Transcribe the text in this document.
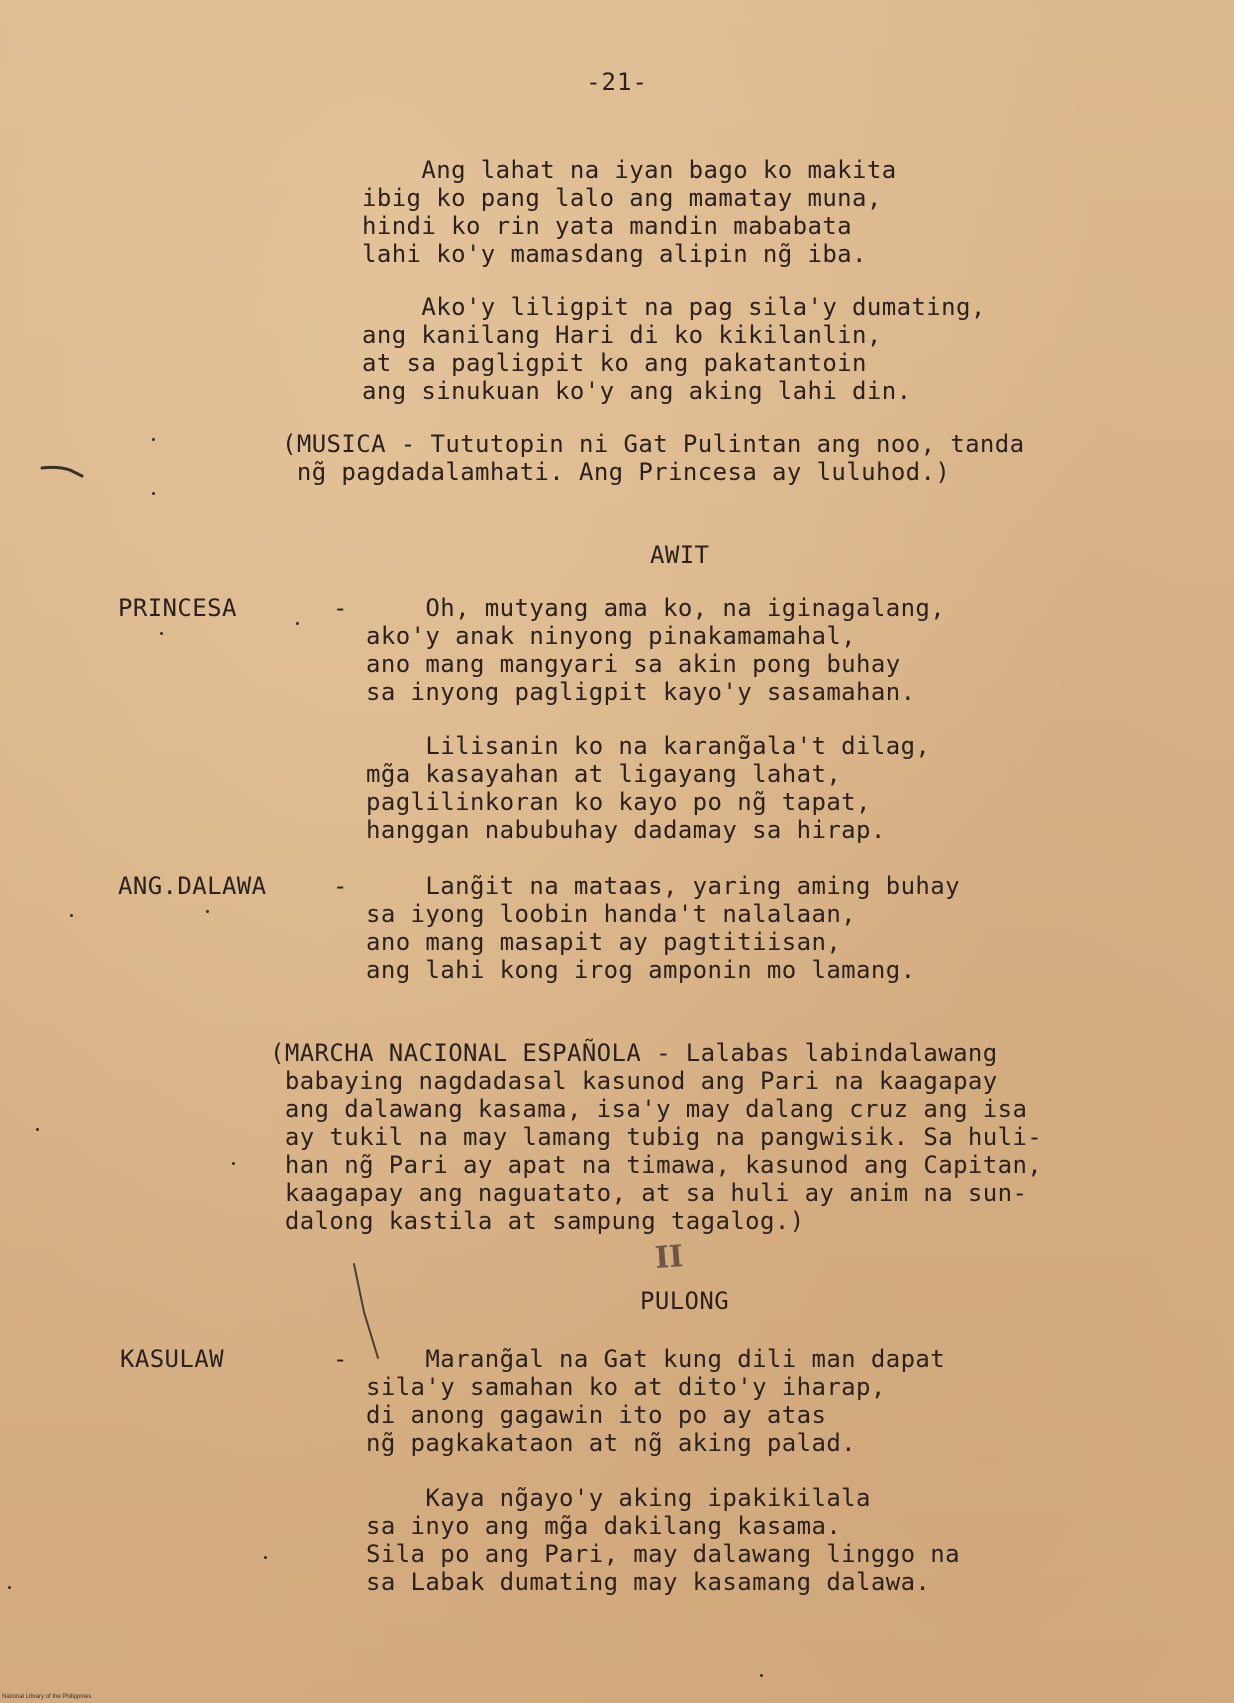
-21-
Ang lahat na iyan bago ko makita
ibig ko pang lalo ang mamatay muna,
hindi ko rin yata mandin mababata
lahi ko'y mamasdang alipin ng̃ iba.
Ako'y liligpit na pag sila'y dumating,
ang kanilang Hari di ko kikilanlin,
at sa pagligpit ko ang pakatantoin
ang sinukuan ko'y ang aking lahi din.
(MUSICA - Tututopin ni Gat Pulintan ang noo, tanda
ng̃ pagdadalamhati. Ang Princesa ay luluhod.)
AWIT
PRINCESA	- Oh, mutyang ama ko, na iginagalang,
ako'y anak ninyong pinakamamahal,
ano mang mangyari sa akin pong buhay
sa inyong pagligpit kayo'y sasamahan.
Lilisanin ko na karang̃ala't dilag,
mg̃a kasayahan at ligayang lahat,
paglilinkoran ko kayo po ng̃ tapat,
hanggan nabubuhay dadamay sa hirap.
ANG.DALAWA	- Lang̃it na mataas, yaring aming buhay
sa iyong loobin handa't nalalaan,
ano mang masapit ay pagtitiisan,
ang lahi kong irog amponin mo lamang.
(MARCHA NACIONAL ESPAÑOLA - Lalabas labindalawang
babaying nagdadasal kasunod ang Pari na kaagapay
ang dalawang kasama, isa'y may dalang cruz ang isa
ay tukil na may lamang tubig na pangwisik. Sa huli-
han ng̃ Pari ay apat na timawa, kasunod ang Capitan,
kaagapay ang naguatato, at sa huli ay anim na sun-
dalong kastila at sampung tagalog.)
II
PULONG
KASULAW	- Marang̃al na Gat kung dili man dapat
sila'y samahan ko at dito'y iharap,
di anong gagawin ito po ay atas
ng̃ pagkakataon at ng̃ aking palad.
Kaya ng̃ayo'y aking ipakikilala
sa inyo ang mg̃a dakilang kasama.
Sila po ang Pari, may dalawang linggo na
sa Labak dumating may kasamang dalawa.
National Library of the Philippines
